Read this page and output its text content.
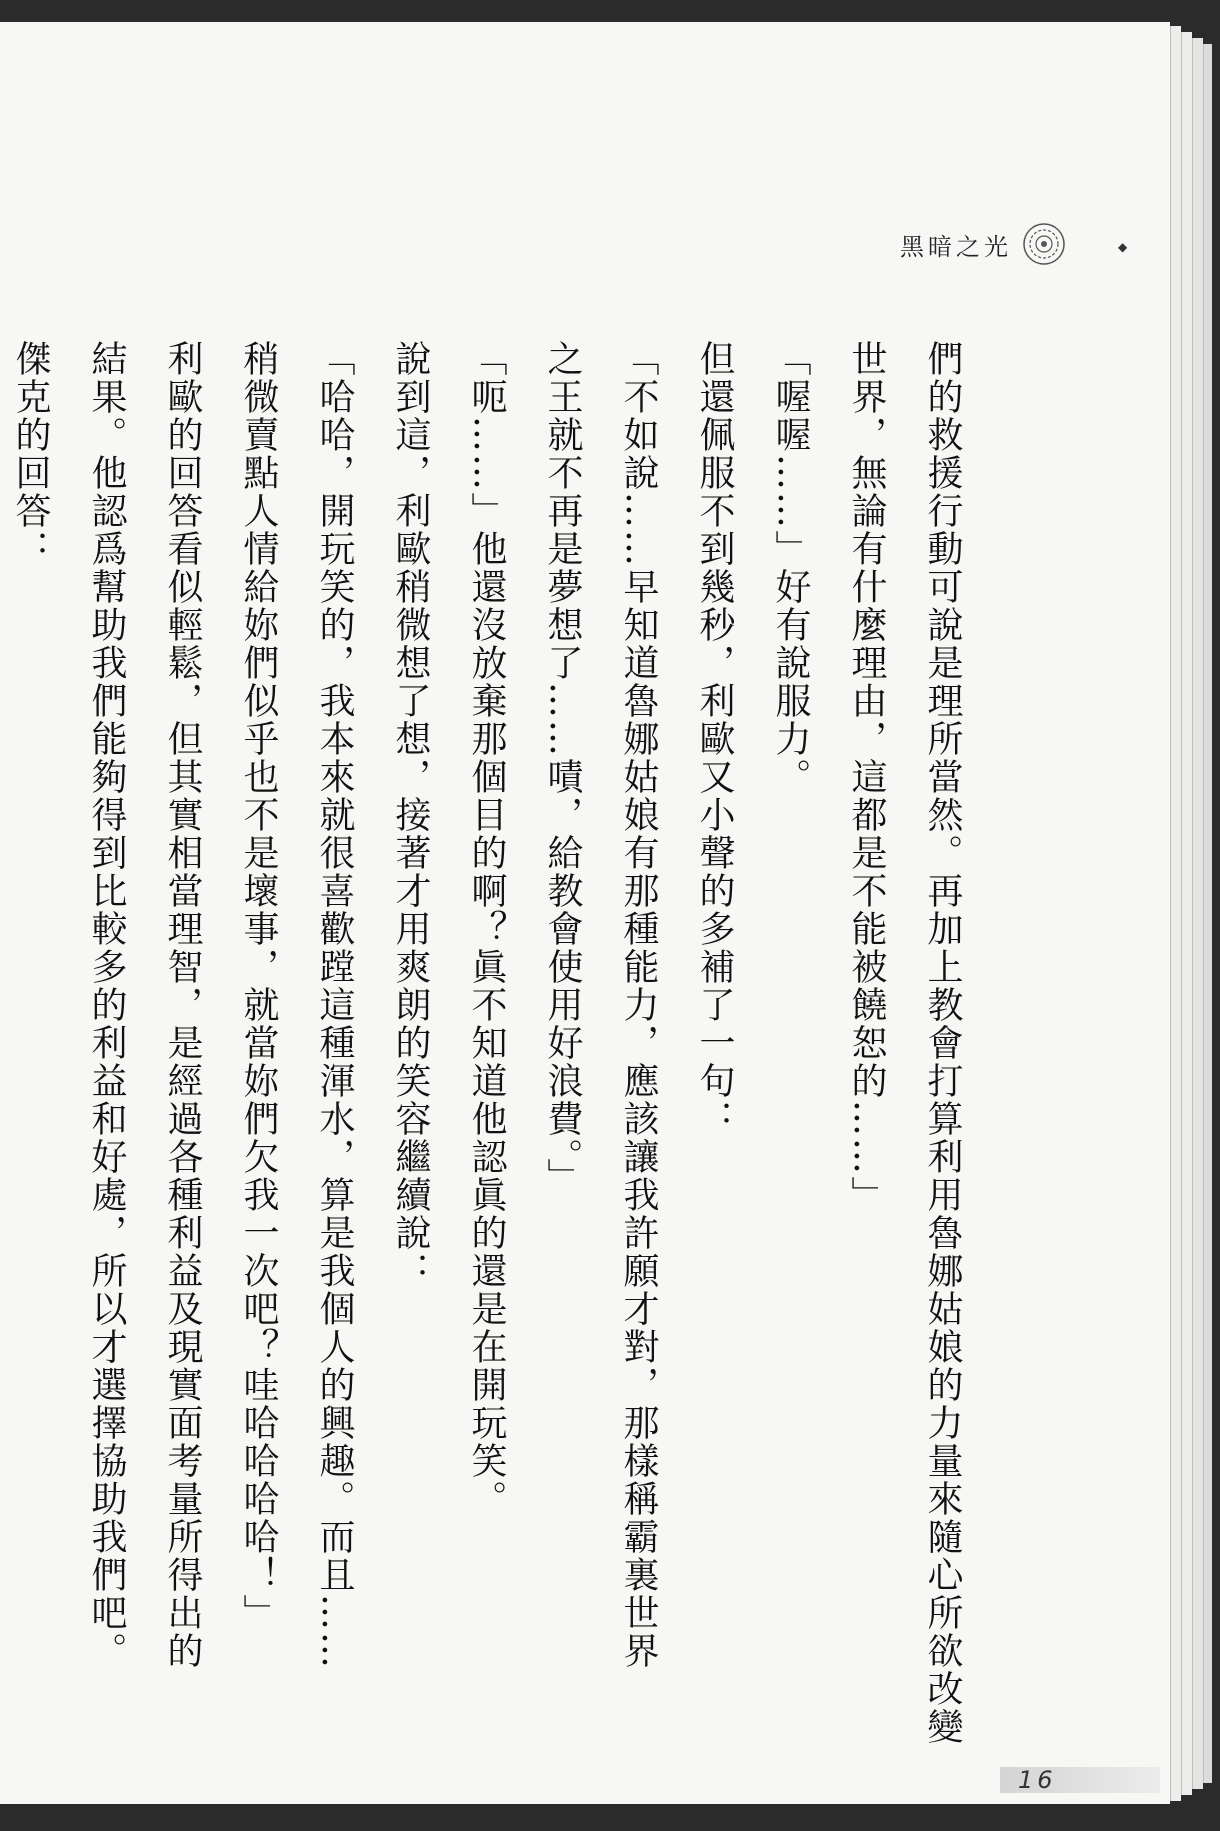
黑暗之光	◆

們的救援行動可說是理所當然。再加上教會打算利用魯娜姑娘的力量來隨心所欲改變

世界，無論有什麼理由，這都是不能被饒恕的……」

「喔喔……」好有說服力。

但還佩服不到幾秒，利歐又小聲的多補了一句：

「不如說……早知道魯娜姑娘有那種能力，應該讓我許願才對，那樣稱霸裏世界

之王就不再是夢想了……嘖，給教會使用好浪費。」

「呃……」他還沒放棄那個目的啊？眞不知道他認眞的還是在開玩笑。

說到這，利歐稍微想了想，接著才用爽朗的笑容繼續說：

「哈哈，開玩笑的，我本來就很喜歡蹚這種渾水，算是我個人的興趣。而且……

稍微賣點人情給妳們似乎也不是壞事，就當妳們欠我一次吧？哇哈哈哈哈！」

利歐的回答看似輕鬆，但其實相當理智，是經過各種利益及現實面考量所得出的

結果。他認爲幫助我們能夠得到比較多的利益和好處，所以才選擇協助我們吧。

傑克的回答：

16
